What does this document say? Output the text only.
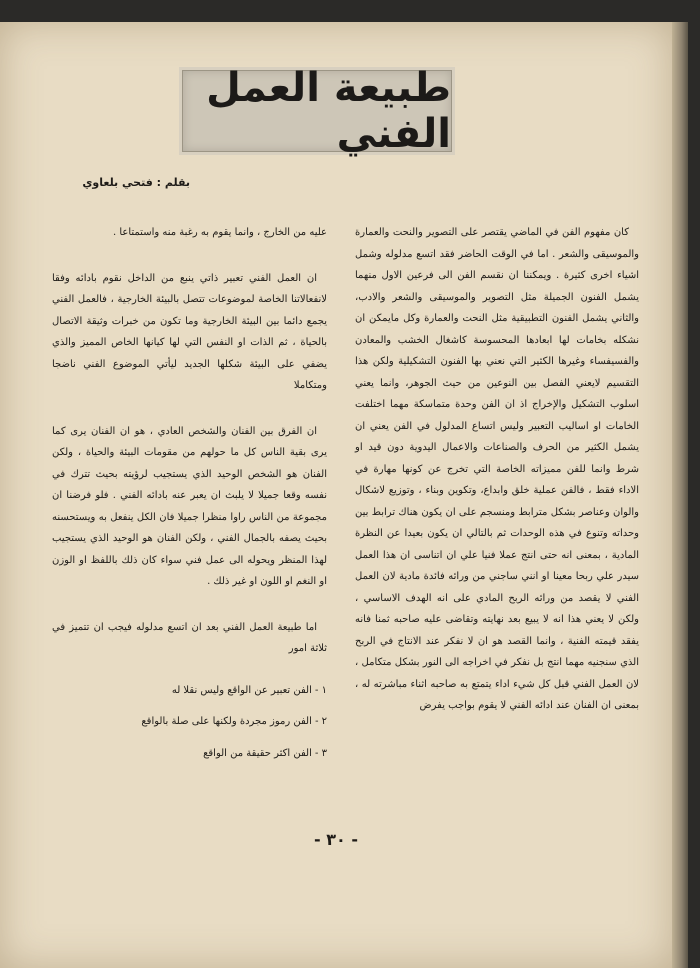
طبيعة العمل الفني
بقلم : فتحي بلعاوي

كان مفهوم الفن في الماضي يقتصر على التصوير والنحت والعمارة والموسيقى والشعر . اما في الوقت الحاضر فقد اتسع مدلوله وشمل اشياء اخرى كثيرة . ويمكننا ان نقسم الفن الى فرعين الاول منهما يشمل الفنون الجميلة مثل التصوير والموسيقى والشعر والادب، والثاني يشمل الفنون التطبيقية مثل النحت والعمارة وكل مايمكن ان نشكله بخامات لها ابعادها المحسوسة كاشغال الخشب والمعادن والفسيفساء وغيرها الكثير التي نعني بها الفنون التشكيلية ولكن هذا التقسيم لايعني الفصل بين النوعين من حيث الجوهر، وانما يعني اسلوب التشكيل والإخراج اذ ان الفن وحدة متماسكة مهما اختلفت الخامات او اساليب التعبير وليس اتساع المدلول في الفن يعني ان يشمل الكثير من الحرف والصناعات والاعمال اليدوية دون قيد او شرط وانما للفن مميزاته الخاصة التي تخرج عن كونها مهارة في الاداء فقط ، فالفن عملية خلق وابداع، وتكوين وبناء ، وتوزيع لاشكال والوان وعناصر بشكل مترابط ومنسجم على ان يكون هناك ترابط بين وحداته وتنوع في هذه الوحدات ثم بالتالي ان يكون بعيدا عن النظرة المادية ، بمعنى انه حتى انتج عملا فنيا علي ان اتناسى ان هذا العمل سيدر علي ربحا معينا او انني ساجني من ورائه فائدة مادية لان العمل الفني لا يقصد من ورائه الربح المادي على انه الهدف الاساسي ، ولكن لا يعني هذا انه لا يبيع بعد نهايته وتقاضى عليه صاحبه ثمنا فانه يفقد قيمته الفنية ، وانما القصد هو ان لا نفكر عند الانتاج في الربح الذي سنجنيه مهما انتج بل نفكر في اخراجه الى النور بشكل متكامل ، لان العمل الفني قبل كل شيء اداء يتمتع به صاحبه اثناء مباشرته له ، بمعنى ان الفنان عند ادائه الفني لا يقوم بواجب يفرض

عليه من الخارج ، وانما يقوم به رغبة منه واستمتاعا .

ان العمل الفني تعبير ذاتي ينبع من الداخل نقوم بادائه وفقا لانفعالاتنا الخاصة لموضوعات تتصل بالبيئة الخارجية ، فالعمل الفني يجمع دائما بين البيئة الخارجية وما تكون من خبرات وثيقة الاتصال بالحياة ، ثم الذات او النفس التي لها كيانها الخاص المميز والذي يضفي على البيئة شكلها الجديد ليأتي الموضوع الفني ناضجا ومتكاملا

ان الفرق بين الفنان والشخص العادي ، هو ان الفنان يرى كما يرى بقية الناس كل ما حولهم من مقومات البيئة والحياة ، ولكن الفنان هو الشخص الوحيد الذي يستجيب لرؤيته بحيث تترك في نفسه وقعا جميلا لا يلبث ان يعبر عنه بادائه الفني . فلو فرضنا ان مجموعة من الناس راوا منظرا جميلا فان الكل ينفعل به ويستحسنه بحيث يصفه بالجمال الفني ، ولكن الفنان هو الوحيد الذي يستجيب لهذا المنظر ويحوله الى عمل فني سواء كان ذلك باللفظ او الوزن او النغم او اللون او غير ذلك .

اما طبيعة العمل الفني بعد ان اتسع مدلوله فيجب ان تتميز في ثلاثة امور

١ - الفن تعبير عن الواقع وليس نقلا له

٢ - الفن رموز مجردة ولكنها على صلة بالواقع

٣ - الفن اكثر حقيقة من الواقع

- ٣٠ -
